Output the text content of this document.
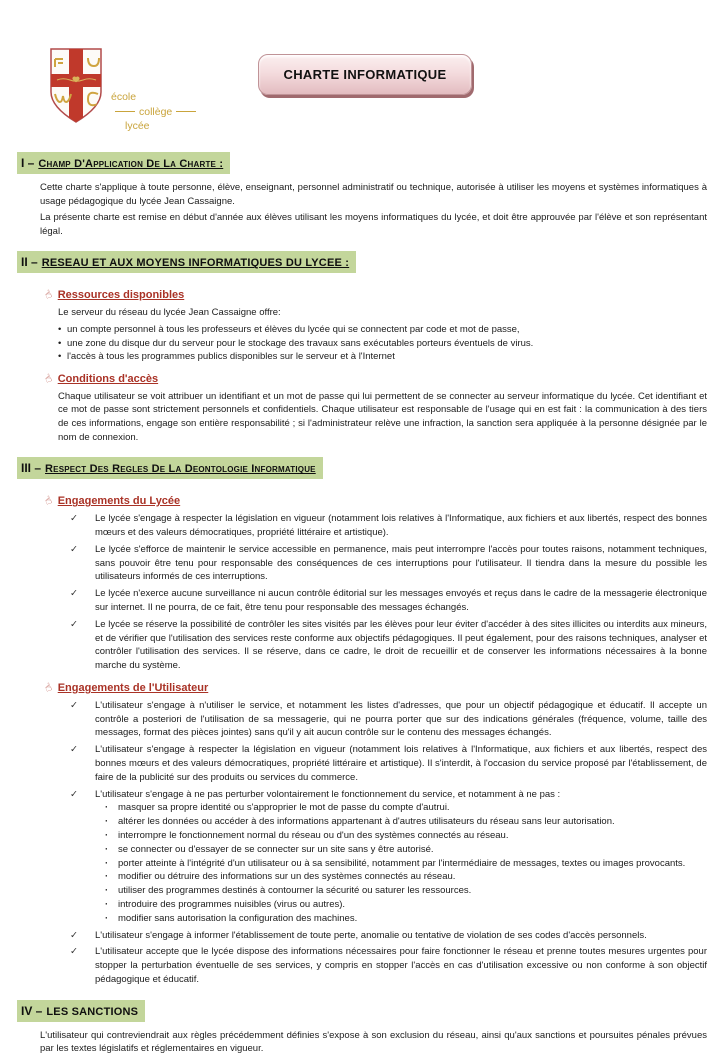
école
collège
lycée
CHARTE INFORMATIQUE
I – Champ D'Application De La Charte :

Cette charte s'applique à toute personne, élève, enseignant, personnel administratif ou technique, autorisée à utiliser les moyens et systèmes informatiques à usage pédagogique du lycée Jean Cassaigne.

La présente charte est remise en début d'année aux élèves utilisant les moyens informatiques du lycée, et doit être approuvée par l'élève et son représentant légal.

II – RESEAU ET AUX MOYENS INFORMATIQUES DU LYCEE :
☝ Ressources disponibles

Le serveur du réseau du lycée Jean Cassaigne offre:

• un compte personnel à tous les professeurs et élèves du lycée qui se connectent par code et mot de passe,
• une zone du disque dur du serveur pour le stockage des travaux sans exécutables porteurs éventuels de virus.
• l'accès à tous les programmes publics disponibles sur le serveur et à l'Internet
☝ Conditions d'accès

Chaque utilisateur se voit attribuer un identifiant et un mot de passe qui lui permettent de se connecter au serveur informatique du lycée. Cet identifiant et ce mot de passe sont strictement personnels et confidentiels. Chaque utilisateur est responsable de l'usage qui en est fait : la communication à des tiers de ces informations, engage son entière responsabilité ; si l'administrateur relève une infraction, la sanction sera appliquée à la personne désignée par le nom de connexion.

III – Respect Des Regles De La Deontologie Informatique
☝ Engagements du Lycée
✓	Le lycée s'engage à respecter la législation en vigueur (notamment lois relatives à l'Informatique, aux fichiers et aux libertés, respect des bonnes mœurs et des valeurs démocratiques, propriété littéraire et artistique).
✓	Le lycée s'efforce de maintenir le service accessible en permanence, mais peut interrompre l'accès pour toutes raisons, notamment techniques, sans pouvoir être tenu pour responsable des conséquences de ces interruptions pour l'utilisateur. Il tiendra dans la mesure du possible les utilisateurs informés de ces interruptions.
✓	Le lycée n'exerce aucune surveillance ni aucun contrôle éditorial sur les messages envoyés et reçus dans le cadre de la messagerie électronique sur internet. Il ne pourra, de ce fait, être tenu pour responsable des messages échangés.
✓	Le lycée se réserve la possibilité de contrôler les sites visités par les élèves pour leur éviter d'accéder à des sites illicites ou interdits aux mineurs, et de vérifier que l'utilisation des services reste conforme aux objectifs pédagogiques. Il peut également, pour des raisons techniques, analyser et contrôler l'utilisation des services. Il se réserve, dans ce cadre, le droit de recueillir et de conserver les informations nécessaires à la bonne marche du système.
☝ Engagements de l'Utilisateur
✓	L'utilisateur s'engage à n'utiliser le service, et notamment les listes d'adresses, que pour un objectif pédagogique et éducatif. Il accepte un contrôle a posteriori de l'utilisation de sa messagerie, qui ne pourra porter que sur des indications générales (fréquence, volume, taille des messages, format des pièces jointes) sans qu'il y ait aucun contrôle sur le contenu des messages échangés.
✓	L'utilisateur s'engage à respecter la législation en vigueur (notamment lois relatives à l'Informatique, aux fichiers et aux libertés, respect des bonnes mœurs et des valeurs démocratiques, propriété littéraire et artistique). Il s'interdit, à l'occasion du service proposé par l'établissement, de faire de la publicité sur des produits ou services du commerce.
✓	L'utilisateur s'engage à ne pas perturber volontairement le fonctionnement du service, et notamment à ne pas :
·	masquer sa propre identité ou s'approprier le mot de passe du compte d'autrui.
·	altérer les données ou accéder à des informations appartenant à d'autres utilisateurs du réseau sans leur autorisation.
·	interrompre le fonctionnement normal du réseau ou d'un des systèmes connectés au réseau.
·	se connecter ou d'essayer de se connecter sur un site sans y être autorisé.
·	porter atteinte à l'intégrité d'un utilisateur ou à sa sensibilité, notamment par l'intermédiaire de messages, textes ou images provocants.
·	modifier ou détruire des informations sur un des systèmes connectés au réseau.
·	utiliser des programmes destinés à contourner la sécurité ou saturer les ressources.
·	introduire des programmes nuisibles (virus ou autres).
·	modifier sans autorisation la configuration des machines.
✓	L'utilisateur s'engage à informer l'établissement de toute perte, anomalie ou tentative de violation de ses codes d'accès personnels.
✓	L'utilisateur accepte que le lycée dispose des informations nécessaires pour faire fonctionner le réseau et prenne toutes mesures urgentes pour stopper la perturbation éventuelle de ses services, y compris en stopper l'accès en cas d'utilisation excessive ou non conforme à son objectif pédagogique et éducatif.
IV – LES SANCTIONS

L'utilisateur qui contreviendrait aux règles précédemment définies s'expose à son exclusion du réseau, ainsi qu'aux sanctions et poursuites pénales prévues par les textes législatifs et réglementaires en vigueur.
